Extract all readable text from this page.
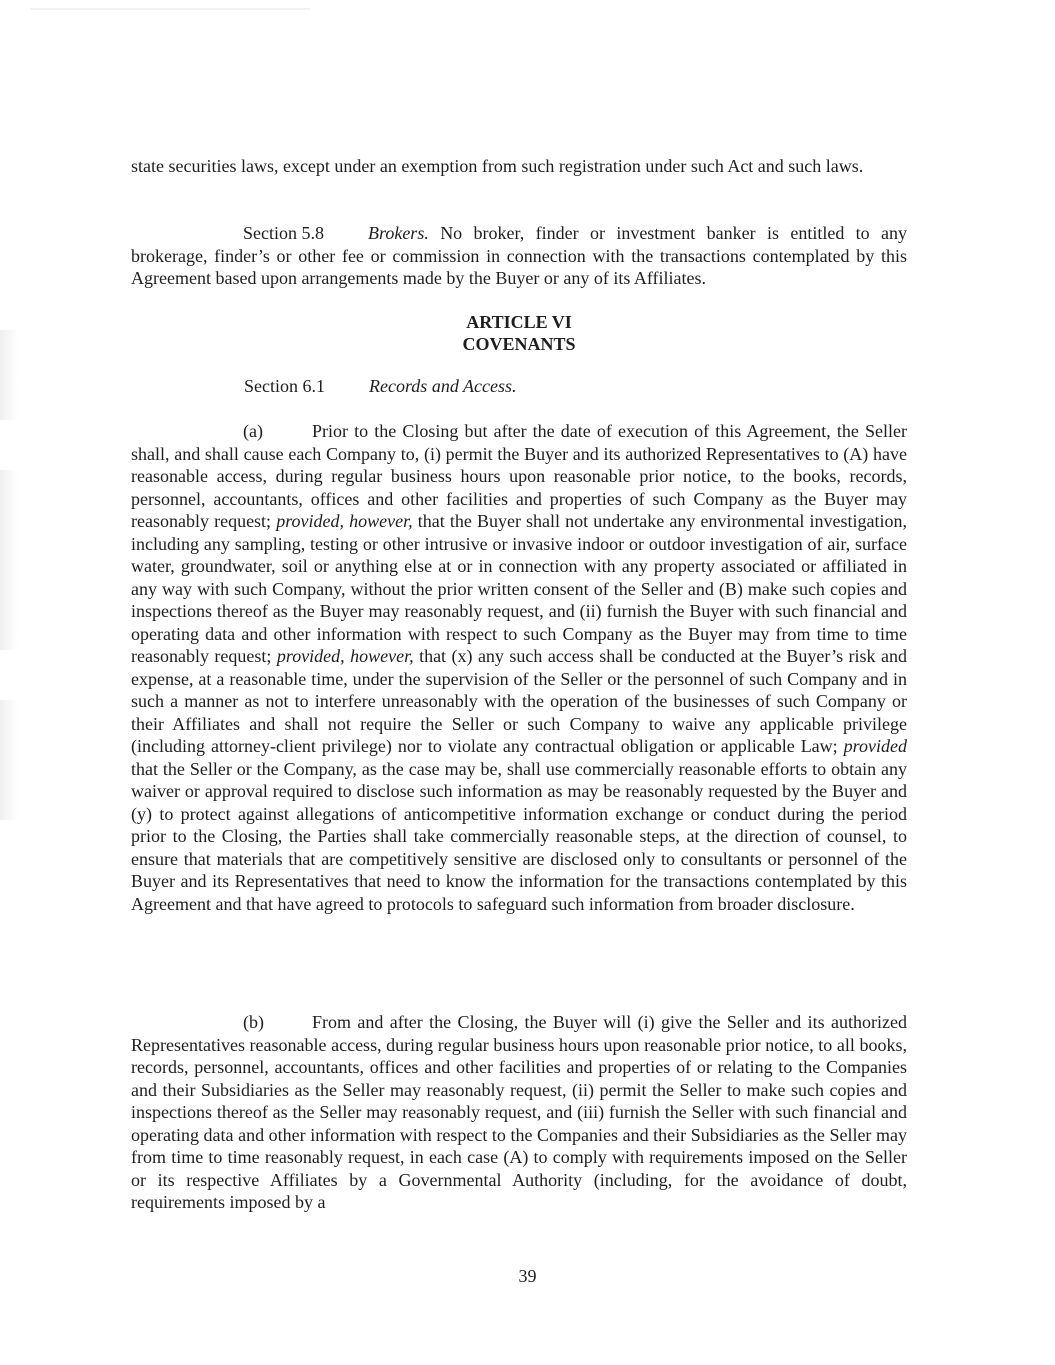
state securities laws, except under an exemption from such registration under such Act and such laws.

Section 5.8 Brokers. No broker, finder or investment banker is entitled to any brokerage, finder’s or other fee or commission in connection with the transactions contemplated by this Agreement based upon arrangements made by the Buyer or any of its Affiliates.

ARTICLE VI

COVENANTS

Section 6.1 Records and Access.

(a)	Prior to the Closing but after the date of execution of this Agreement, the Seller shall, and shall cause each Company to, (i) permit the Buyer and its authorized Representatives to (A) have reasonable access, during regular business hours upon reasonable prior notice, to the books, records, personnel, accountants, offices and other facilities and properties of such Company as the Buyer may reasonably request; provided, however, that the Buyer shall not undertake any environmental investigation, including any sampling, testing or other intrusive or invasive indoor or outdoor investigation of air, surface water, groundwater, soil or anything else at or in connection with any property associated or affiliated in any way with such Company, without the prior written consent of the Seller and (B) make such copies and inspections thereof as the Buyer may reasonably request, and (ii) furnish the Buyer with such financial and operating data and other information with respect to such Company as the Buyer may from time to time reasonably request; provided, however, that (x) any such access shall be conducted at the Buyer’s risk and expense, at a reasonable time, under the supervision of the Seller or the personnel of such Company and in such a manner as not to interfere unreasonably with the operation of the businesses of such Company or their Affiliates and shall not require the Seller or such Company to waive any applicable privilege (including attorney-client privilege) nor to violate any contractual obligation or applicable Law; provided that the Seller or the Company, as the case may be, shall use commercially reasonable efforts to obtain any waiver or approval required to disclose such information as may be reasonably requested by the Buyer and (y) to protect against allegations of anticompetitive information exchange or conduct during the period prior to the Closing, the Parties shall take commercially reasonable steps, at the direction of counsel, to ensure that materials that are competitively sensitive are disclosed only to consultants or personnel of the Buyer and its Representatives that need to know the information for the transactions contemplated by this Agreement and that have agreed to protocols to safeguard such information from broader disclosure.

(b)	From and after the Closing, the Buyer will (i) give the Seller and its authorized Representatives reasonable access, during regular business hours upon reasonable prior notice, to all books, records, personnel, accountants, offices and other facilities and properties of or relating to the Companies and their Subsidiaries as the Seller may reasonably request, (ii) permit the Seller to make such copies and inspections thereof as the Seller may reasonably request, and (iii) furnish the Seller with such financial and operating data and other information with respect to the Companies and their Subsidiaries as the Seller may from time to time reasonably request, in each case (A) to comply with requirements imposed on the Seller or its respective Affiliates by a Governmental Authority (including, for the avoidance of doubt, requirements imposed by a

39
